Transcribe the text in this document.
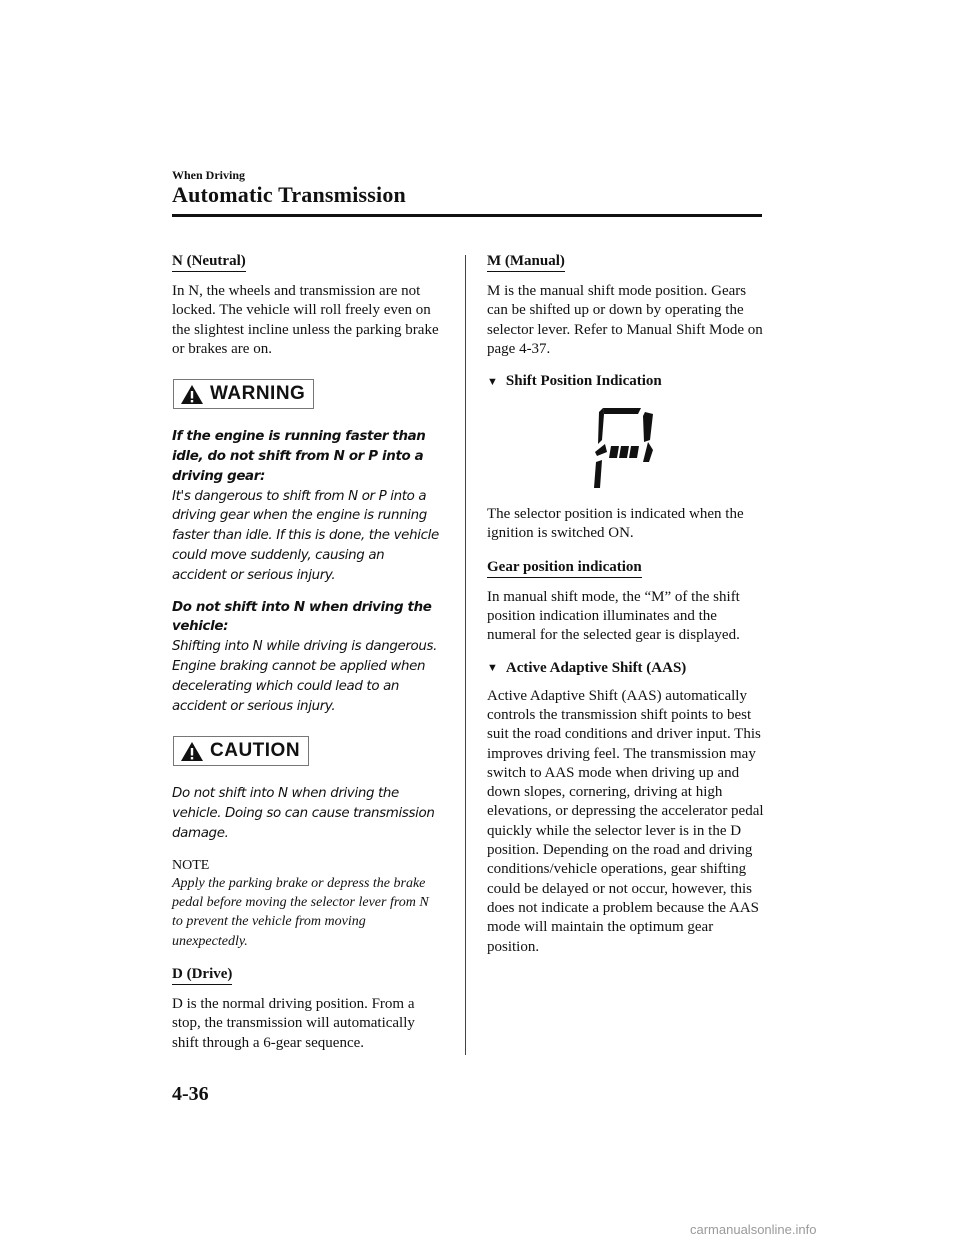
When Driving
Automatic Transmission
N (Neutral)

In N, the wheels and transmission are not locked. The vehicle will roll freely even on the slightest incline unless the parking brake or brakes are on.

WARNING
If the engine is running faster than idle, do not shift from N or P into a driving gear:
It's dangerous to shift from N or P into a driving gear when the engine is running faster than idle. If this is done, the vehicle could move suddenly, causing an accident or serious injury.
Do not shift into N when driving the vehicle:
Shifting into N while driving is dangerous. Engine braking cannot be applied when decelerating which could lead to an accident or serious injury.
CAUTION
Do not shift into N when driving the vehicle. Doing so can cause transmission damage.
NOTE
Apply the parking brake or depress the brake pedal before moving the selector lever from N to prevent the vehicle from moving unexpectedly.
D (Drive)

D is the normal driving position. From a stop, the transmission will automatically shift through a 6-gear sequence.

M (Manual)

M is the manual shift mode position. Gears can be shifted up or down by operating the selector lever. Refer to Manual Shift Mode on page 4-37.

▼ Shift Position Indication

The selector position is indicated when the ignition is switched ON.

Gear position indication

In manual shift mode, the “M” of the shift position indication illuminates and the numeral for the selected gear is displayed.

▼ Active Adaptive Shift (AAS)

Active Adaptive Shift (AAS) automatically controls the transmission shift points to best suit the road conditions and driver input. This improves driving feel. The transmission may switch to AAS mode when driving up and down slopes, cornering, driving at high elevations, or depressing the accelerator pedal quickly while the selector lever is in the D position. Depending on the road and driving conditions/vehicle operations, gear shifting could be delayed or not occur, however, this does not indicate a problem because the AAS mode will maintain the optimum gear position.

4-36
carmanualsonline.info
